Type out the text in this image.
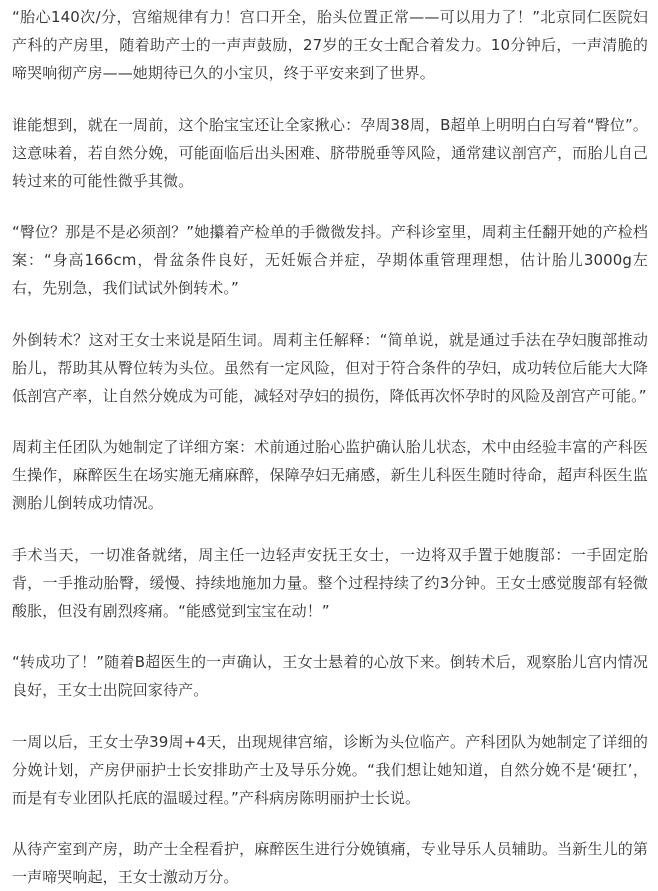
“胎心140次/分，宫缩规律有力！宫口开全，胎头位置正常——可以用力了！”北京同仁医院妇产科的产房里，随着助产士的一声声鼓励，27岁的王女士配合着发力。10分钟后，一声清脆的啼哭响彻产房——她期待已久的小宝贝，终于平安来到了世界。

谁能想到，就在一周前，这个胎宝宝还让全家揪心：孕周38周，B超单上明明白白写着“臀位”。这意味着，若自然分娩，可能面临后出头困难、脐带脱垂等风险，通常建议剖宫产，而胎儿自己转过来的可能性微乎其微。

“臀位？那是不是必须剖？”她攥着产检单的手微微发抖。产科诊室里，周莉主任翻开她的产检档案：“身高166cm，骨盆条件良好，无妊娠合并症，孕期体重管理理想，估计胎儿3000g左右，先别急，我们试试外倒转术。”

外倒转术？这对王女士来说是陌生词。周莉主任解释：“简单说，就是通过手法在孕妇腹部推动胎儿，帮助其从臀位转为头位。虽然有一定风险，但对于符合条件的孕妇，成功转位后能大大降低剖宫产率，让自然分娩成为可能，减轻对孕妇的损伤，降低再次怀孕时的风险及剖宫产可能。”

周莉主任团队为她制定了详细方案：术前通过胎心监护确认胎儿状态，术中由经验丰富的产科医生操作，麻醉医生在场实施无痛麻醉，保障孕妇无痛感，新生儿科医生随时待命，超声科医生监测胎儿倒转成功情况。

手术当天，一切准备就绪，周主任一边轻声安抚王女士，一边将双手置于她腹部：一手固定胎背，一手推动胎臀，缓慢、持续地施加力量。整个过程持续了约3分钟。王女士感觉腹部有轻微酸胀，但没有剧烈疼痛。“能感觉到宝宝在动！”

“转成功了！”随着B超医生的一声确认，王女士悬着的心放下来。倒转术后，观察胎儿宫内情况良好，王女士出院回家待产。

一周以后，王女士孕39周+4天，出现规律宫缩，诊断为头位临产。产科团队为她制定了详细的分娩计划，产房伊丽护士长安排助产士及导乐分娩。“我们想让她知道，自然分娩不是‘硬扛’，而是有专业团队托底的温暖过程。”产科病房陈明丽护士长说。

从待产室到产房，助产士全程看护，麻醉医生进行分娩镇痛，专业导乐人员辅助。当新生儿的第一声啼哭响起，王女士激动万分。
